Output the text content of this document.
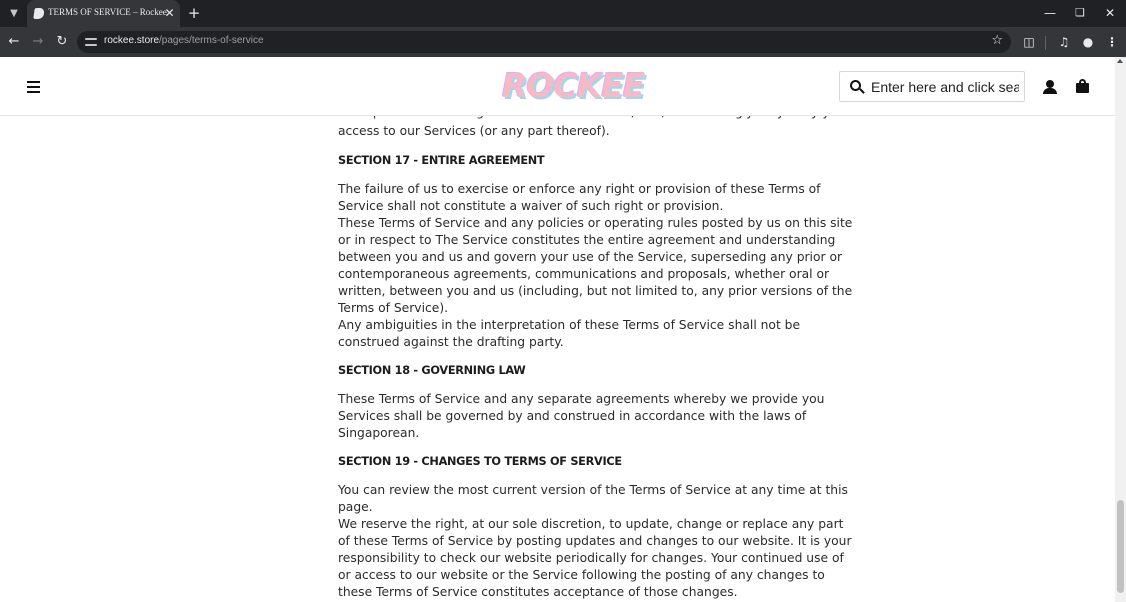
▼	TERMS OF SERVICE – Rockee
✕ +	—	❏	✕
← → ↻	rockee.store/pages/terms-of-service	☆ ◫	♫	●	⋮
ROCKEE
Enter here and click search

access to our Services (or any part thereof).

SECTION 17 - ENTIRE AGREEMENT

The failure of us to exercise or enforce any right or provision of these Terms of

Service shall not constitute a waiver of such right or provision.

These Terms of Service and any policies or operating rules posted by us on this site

or in respect to The Service constitutes the entire agreement and understanding

between you and us and govern your use of the Service, superseding any prior or

contemporaneous agreements, communications and proposals, whether oral or

written, between you and us (including, but not limited to, any prior versions of the

Terms of Service).

Any ambiguities in the interpretation of these Terms of Service shall not be

construed against the drafting party.

SECTION 18 - GOVERNING LAW

These Terms of Service and any separate agreements whereby we provide you

Services shall be governed by and construed in accordance with the laws of

Singaporean.

SECTION 19 - CHANGES TO TERMS OF SERVICE

You can review the most current version of the Terms of Service at any time at this

page.

We reserve the right, at our sole discretion, to update, change or replace any part

of these Terms of Service by posting updates and changes to our website. It is your

responsibility to check our website periodically for changes. Your continued use of

or access to our website or the Service following the posting of any changes to

these Terms of Service constitutes acceptance of those changes.
